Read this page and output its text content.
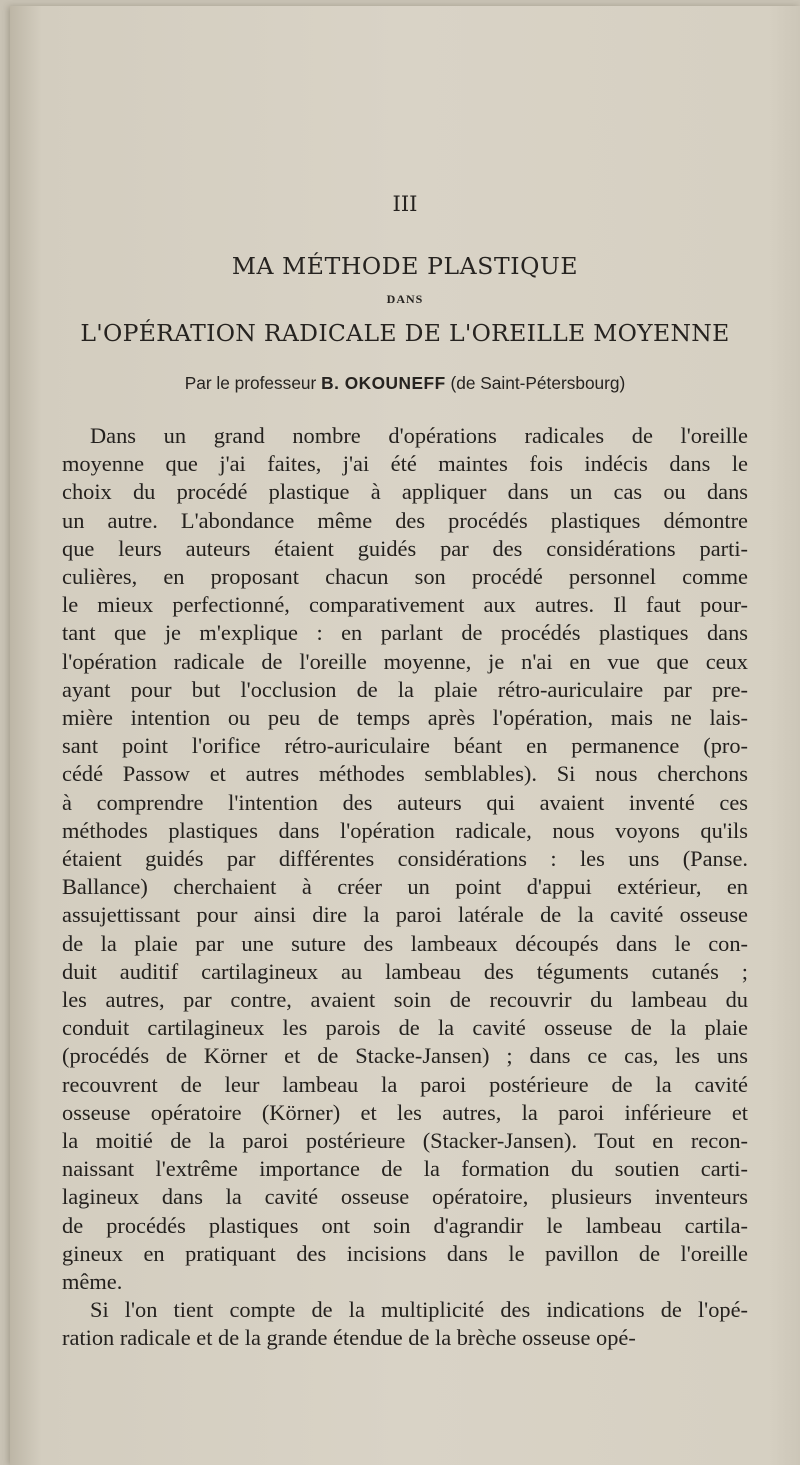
III
MA MÉTHODE PLASTIQUE
DANS
L'OPÉRATION RADICALE DE L'OREILLE MOYENNE
Par le professeur B. OKOUNEFF (de Saint-Pétersbourg)
Dans un grand nombre d'opérations radicales de l'oreille
moyenne que j'ai faites, j'ai été maintes fois indécis dans le
choix du procédé plastique à appliquer dans un cas ou dans
un autre. L'abondance même des procédés plastiques démontre
que leurs auteurs étaient guidés par des considérations parti-
culières, en proposant chacun son procédé personnel comme
le mieux perfectionné, comparativement aux autres. Il faut pour-
tant que je m'explique : en parlant de procédés plastiques dans
l'opération radicale de l'oreille moyenne, je n'ai en vue que ceux
ayant pour but l'occlusion de la plaie rétro-auriculaire par pre-
mière intention ou peu de temps après l'opération, mais ne lais-
sant point l'orifice rétro-auriculaire béant en permanence (pro-
cédé Passow et autres méthodes semblables). Si nous cherchons
à comprendre l'intention des auteurs qui avaient inventé ces
méthodes plastiques dans l'opération radicale, nous voyons qu'ils
étaient guidés par différentes considérations : les uns (Panse.
Ballance) cherchaient à créer un point d'appui extérieur, en
assujettissant pour ainsi dire la paroi latérale de la cavité osseuse
de la plaie par une suture des lambeaux découpés dans le con-
duit auditif cartilagineux au lambeau des téguments cutanés ;
les autres, par contre, avaient soin de recouvrir du lambeau du
conduit cartilagineux les parois de la cavité osseuse de la plaie
(procédés de Körner et de Stacke-Jansen) ; dans ce cas, les uns
recouvrent de leur lambeau la paroi postérieure de la cavité
osseuse opératoire (Körner) et les autres, la paroi inférieure et
la moitié de la paroi postérieure (Stacker-Jansen). Tout en recon-
naissant l'extrême importance de la formation du soutien carti-
lagineux dans la cavité osseuse opératoire, plusieurs inventeurs
de procédés plastiques ont soin d'agrandir le lambeau cartila-
gineux en pratiquant des incisions dans le pavillon de l'oreille
même.
Si l'on tient compte de la multiplicité des indications de l'opé-
ration radicale et de la grande étendue de la brèche osseuse opé-
